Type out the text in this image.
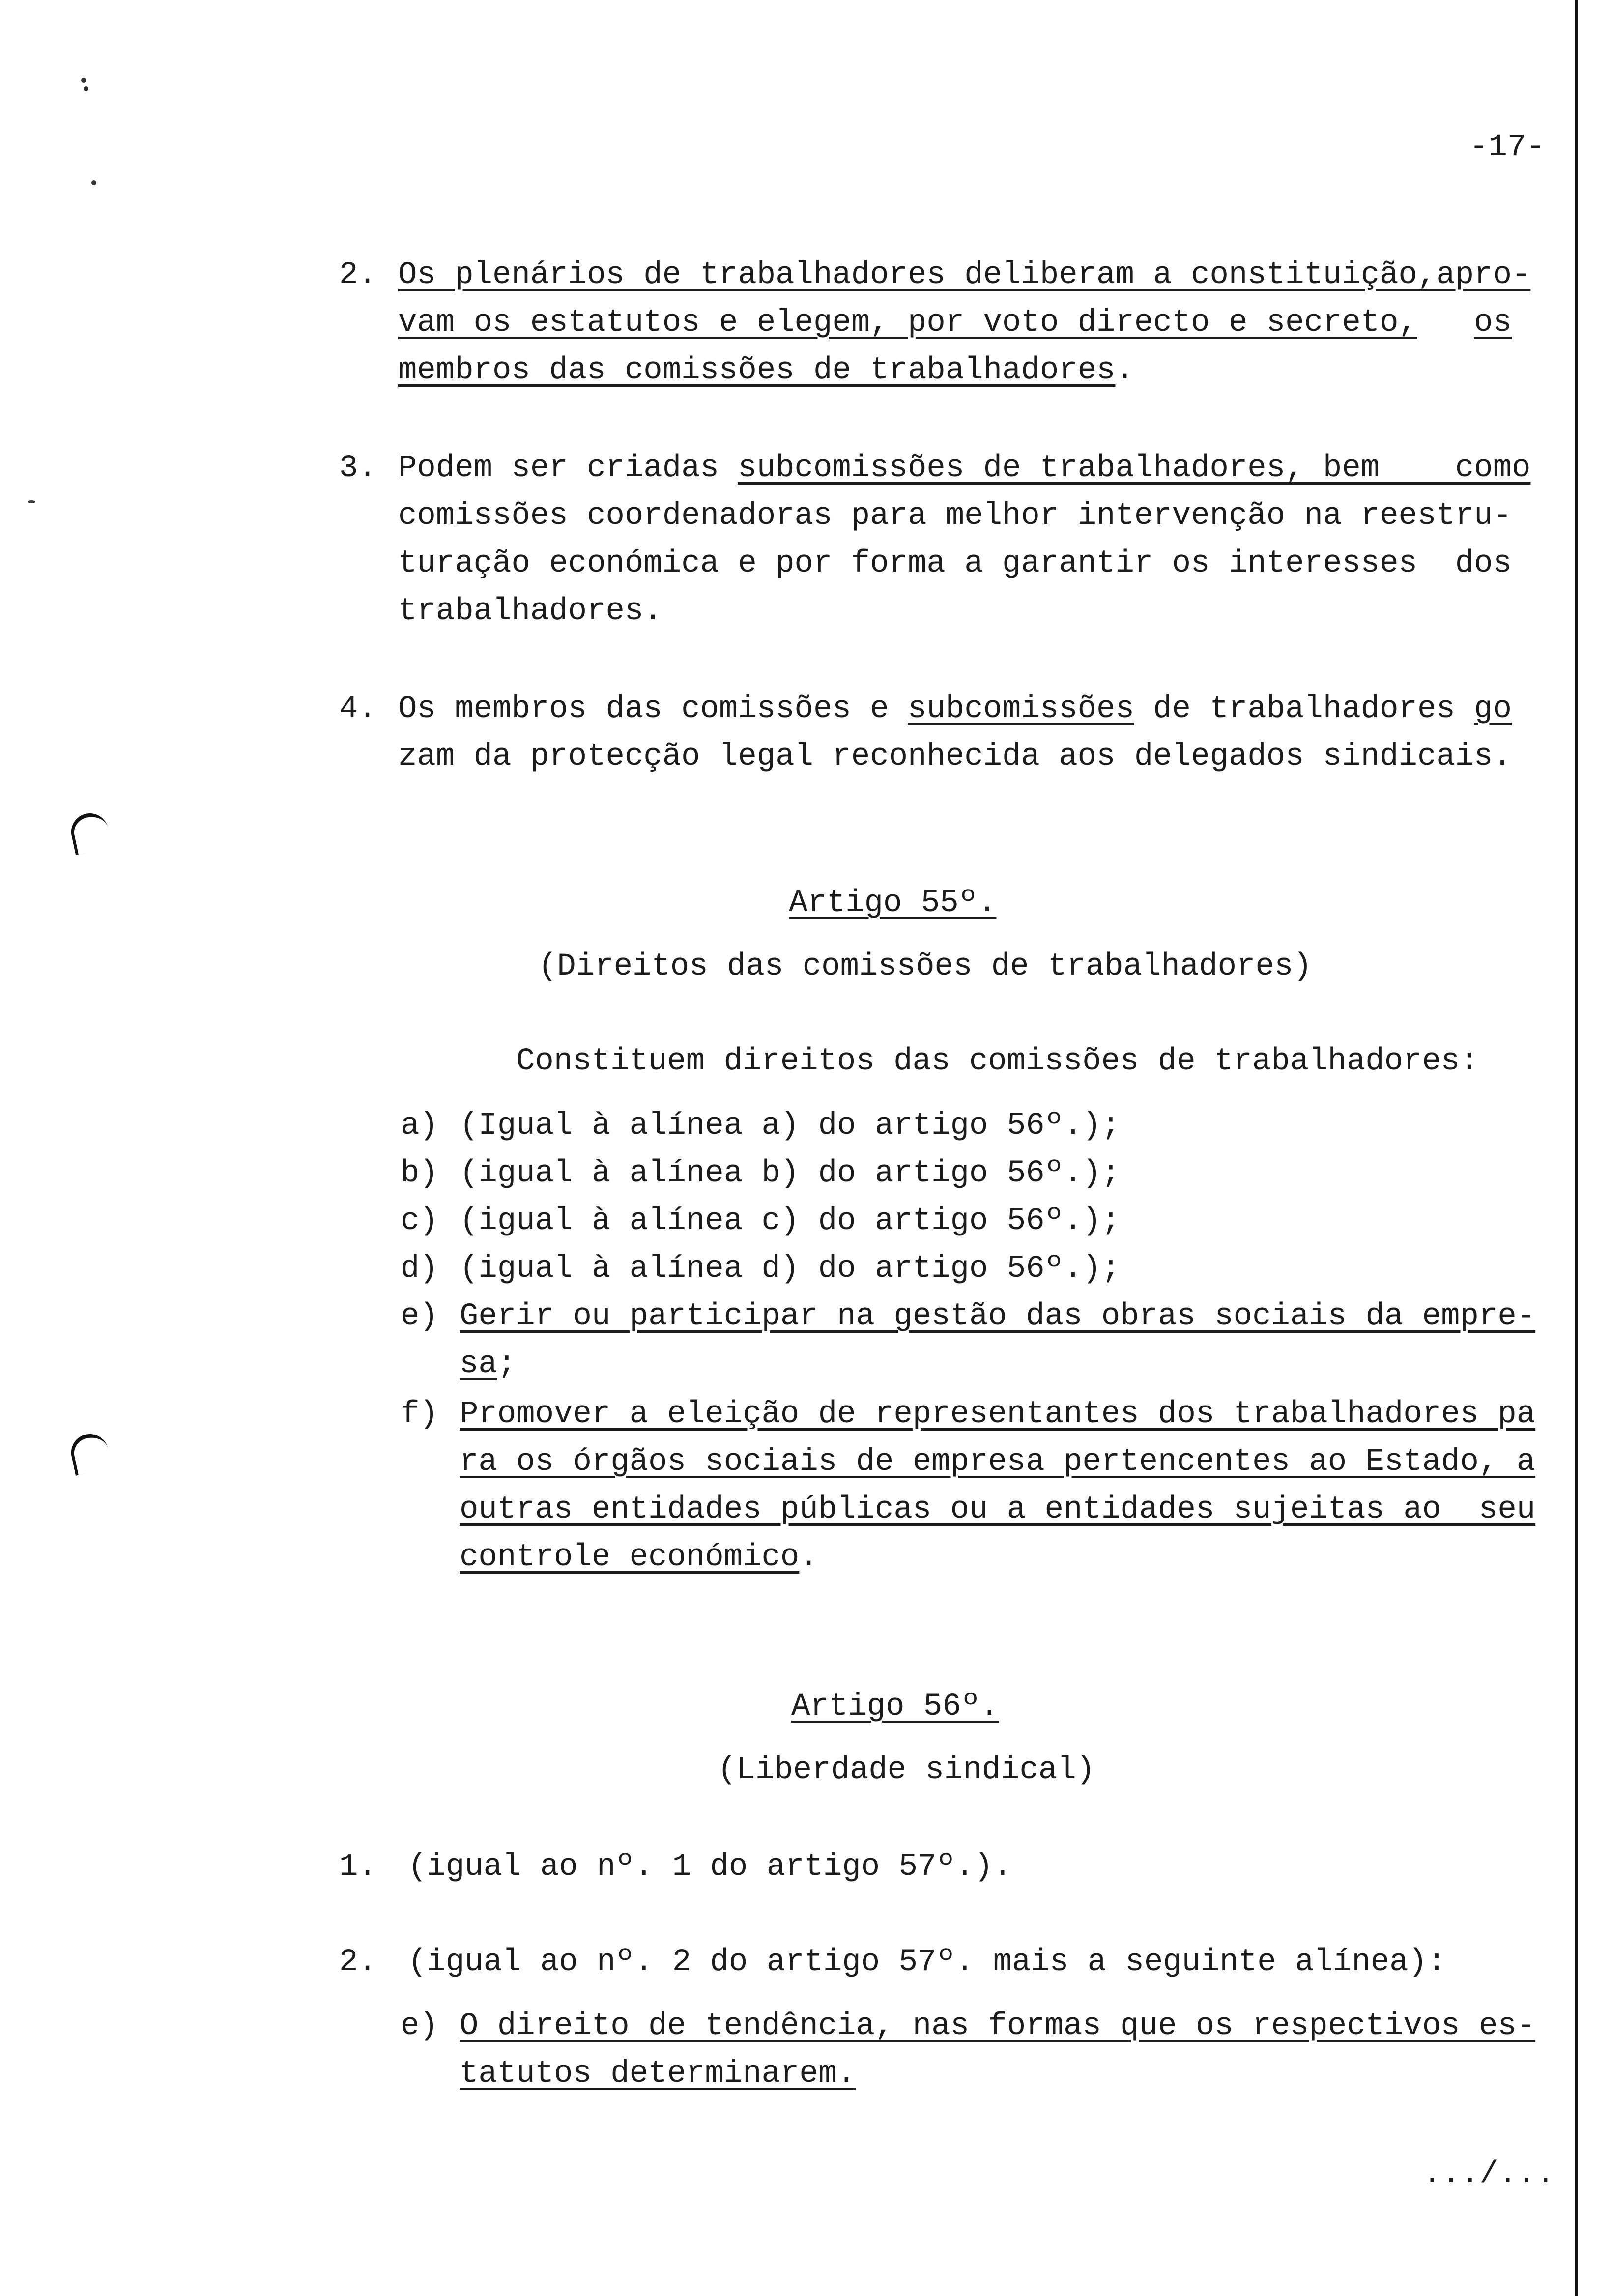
-17-
2. Os plenários de trabalhadores deliberam a constituição,apro-
vam os estatutos e elegem, por voto directo e secreto, os
membros das comissões de trabalhadores.
3. Podem ser criadas subcomissões de trabalhadores, bem    como
comissões coordenadoras para melhor intervenção na reestru-
turação económica e por forma a garantir os interesses  dos
trabalhadores.
4. Os membros das comissões e subcomissões de trabalhadores go
zam da protecção legal reconhecida aos delegados sindicais.
Artigo 55º.
(Direitos das comissões de trabalhadores)
Constituem direitos das comissões de trabalhadores:
a) (Igual à alínea a) do artigo 56º.);
b) (igual à alínea b) do artigo 56º.);
c) (igual à alínea c) do artigo 56º.);
d) (igual à alínea d) do artigo 56º.);
e) Gerir ou participar na gestão das obras sociais da empre-
sa;
f) Promover a eleição de representantes dos trabalhadores pa
ra os órgãos sociais de empresa pertencentes ao Estado, a
outras entidades públicas ou a entidades sujeitas ao  seu
controle económico.
Artigo 56º.
(Liberdade sindical)
1. (igual ao nº. 1 do artigo 57º.).
2. (igual ao nº. 2 do artigo 57º. mais a seguinte alínea):
e) O direito de tendência, nas formas que os respectivos es-
tatutos determinarem.
.../...
